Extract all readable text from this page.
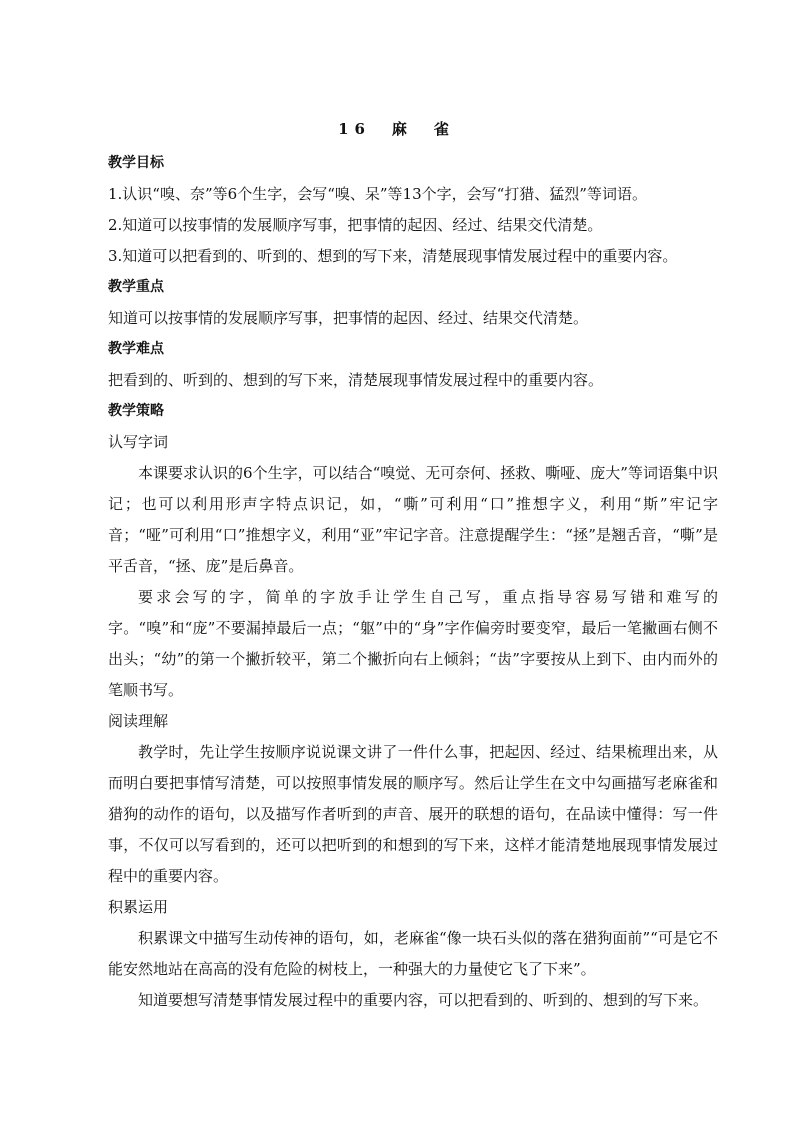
16　麻　雀

教学目标

1.认识“嗅、奈”等6个生字，会写“嗅、呆”等13个字，会写“打猎、猛烈”等词语。

2.知道可以按事情的发展顺序写事，把事情的起因、经过、结果交代清楚。

3.知道可以把看到的、听到的、想到的写下来，清楚展现事情发展过程中的重要内容。

教学重点

知道可以按事情的发展顺序写事，把事情的起因、经过、结果交代清楚。

教学难点

把看到的、听到的、想到的写下来，清楚展现事情发展过程中的重要内容。

教学策略

认写字词

本课要求认识的6个生字，可以结合“嗅觉、无可奈何、拯救、嘶哑、庞大”等词语集中识记；也可以利用形声字特点识记，如，“嘶”可利用“口”推想字义，利用“斯”牢记字音；“哑”可利用“口”推想字义，利用“亚”牢记字音。注意提醒学生：“拯”是翘舌音，“嘶”是平舌音，“拯、庞”是后鼻音。

要求会写的字，简单的字放手让学生自己写，重点指导容易写错和难写的字。“嗅”和“庞”不要漏掉最后一点；“躯”中的“身”字作偏旁时要变窄，最后一笔撇画右侧不出头；“幼”的第一个撇折较平，第二个撇折向右上倾斜；“齿”字要按从上到下、由内而外的笔顺书写。

阅读理解

教学时，先让学生按顺序说说课文讲了一件什么事，把起因、经过、结果梳理出来，从而明白要把事情写清楚，可以按照事情发展的顺序写。然后让学生在文中勾画描写老麻雀和猎狗的动作的语句，以及描写作者听到的声音、展开的联想的语句，在品读中懂得：写一件事，不仅可以写看到的，还可以把听到的和想到的写下来，这样才能清楚地展现事情发展过程中的重要内容。

积累运用

积累课文中描写生动传神的语句，如，老麻雀“像一块石头似的落在猎狗面前”“可是它不能安然地站在高高的没有危险的树枝上，一种强大的力量使它飞了下来”。

知道要想写清楚事情发展过程中的重要内容，可以把看到的、听到的、想到的写下来。
